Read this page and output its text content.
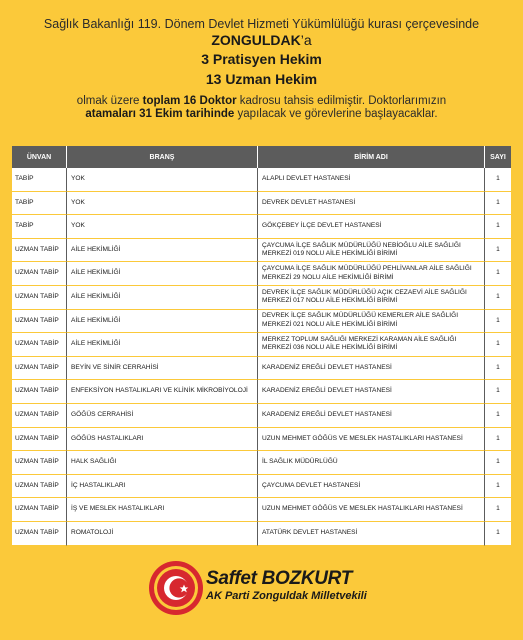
Sağlık Bakanlığı 119. Dönem Devlet Hizmeti Yükümlülüğü kurası çerçevesinde
ZONGULDAK’a
3 Pratisyen Hekim
13 Uzman Hekim
olmak üzere toplam 16 Doktor kadrosu tahsis edilmiştir. Doktorlarımızın
atamaları 31 Ekim tarihinde yapılacak ve görevlerine başlayacaklar.
ÜNVAN	BRANŞ	BİRİM ADI	SAYI
TABİP	YOK	ALAPLI DEVLET HASTANESİ	1
TABİP	YOK	DEVREK DEVLET HASTANESİ	1
TABİP	YOK	GÖKÇEBEY İLÇE DEVLET HASTANESİ	1
UZMAN TABİP	AİLE HEKİMLİĞİ	ÇAYCUMA İLÇE SAĞLIK MÜDÜRLÜĞÜ NEBİOĞLU AİLE SAĞLIĞI MERKEZİ 019 NOLU AİLE HEKİMLİĞİ BİRİMİ	1
UZMAN TABİP	AİLE HEKİMLİĞİ	ÇAYCUMA İLÇE SAĞLIK MÜDÜRLÜĞÜ PEHLİVANLAR AİLE SAĞLIĞI MERKEZİ 29 NOLU AİLE HEKİMLİĞİ BİRİMİ	1
UZMAN TABİP	AİLE HEKİMLİĞİ	DEVREK İLÇE SAĞLIK MÜDÜRLÜĞÜ AÇIK CEZAEVİ AİLE SAĞLIĞI MERKEZİ 017 NOLU AİLE HEKİMLİĞİ BİRİMİ	1
UZMAN TABİP	AİLE HEKİMLİĞİ	DEVREK İLÇE SAĞLIK MÜDÜRLÜĞÜ KEMERLER AİLE SAĞLIĞI MERKEZİ 021 NOLU AİLE HEKİMLİĞİ BİRİMİ	1
UZMAN TABİP	AİLE HEKİMLİĞİ	MERKEZ TOPLUM SAĞLIĞI MERKEZİ KARAMAN AİLE SAĞLIĞI MERKEZİ 036 NOLU AİLE HEKİMLİĞİ BİRİMİ	1
UZMAN TABİP	BEYİN VE SİNİR CERRAHİSİ	KARADENİZ EREĞLİ DEVLET HASTANESİ	1
UZMAN TABİP	ENFEKSİYON HASTALIKLARI VE KLİNİK MİKROBİYOLOJİ	KARADENİZ EREĞLİ DEVLET HASTANESİ	1
UZMAN TABİP	GÖĞÜS CERRAHİSİ	KARADENİZ EREĞLİ DEVLET HASTANESİ	1
UZMAN TABİP	GÖĞÜS HASTALIKLARI	UZUN MEHMET GÖĞÜS VE MESLEK HASTALIKLARI HASTANESİ	1
UZMAN TABİP	HALK SAĞLIĞI	İL SAĞLIK MÜDÜRLÜĞÜ	1
UZMAN TABİP	İÇ HASTALIKLARI	ÇAYCUMA DEVLET HASTANESİ	1
UZMAN TABİP	İŞ VE MESLEK HASTALIKLARI	UZUN MEHMET GÖĞÜS VE MESLEK HASTALIKLARI HASTANESİ	1
UZMAN TABİP	ROMATOLOJİ	ATATÜRK DEVLET HASTANESİ	1
Saffet BOZKURT
AK Parti Zonguldak Milletvekili
